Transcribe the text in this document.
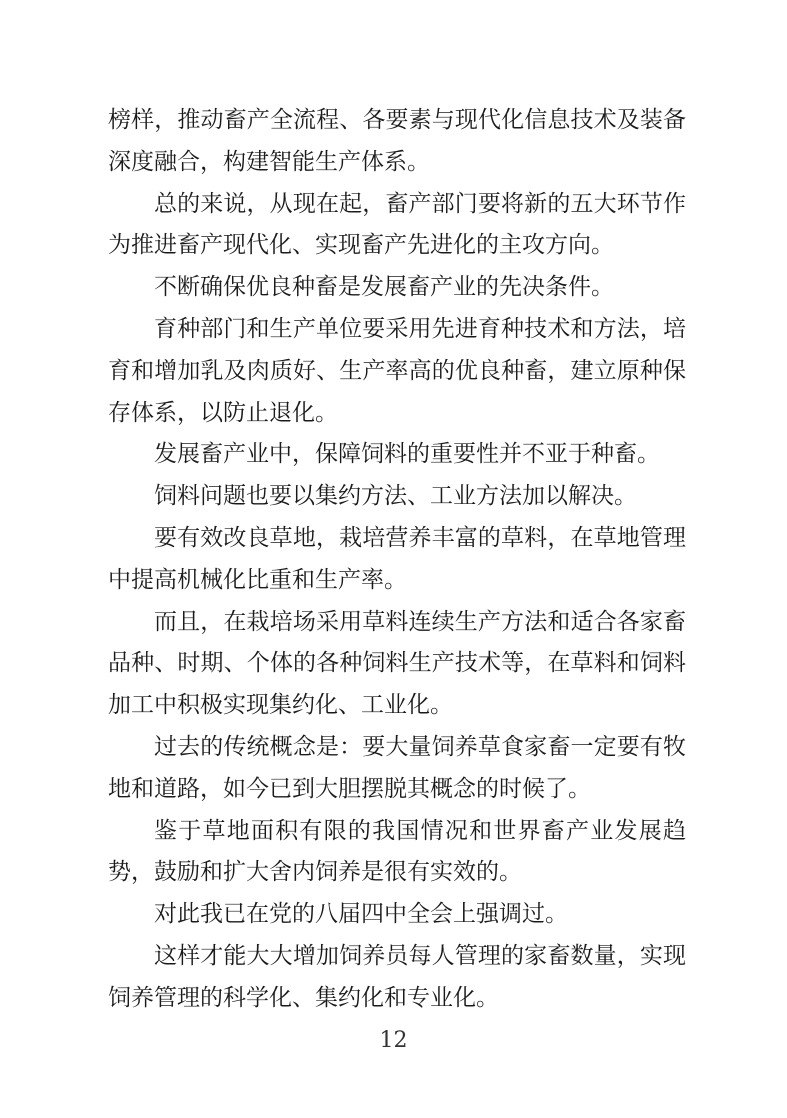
榜样，推动畜产全流程、各要素与现代化信息技术及装备深度融合，构建智能生产体系。

总的来说，从现在起，畜产部门要将新的五大环节作为推进畜产现代化、实现畜产先进化的主攻方向。

不断确保优良种畜是发展畜产业的先决条件。

育种部门和生产单位要采用先进育种技术和方法，培育和增加乳及肉质好、生产率高的优良种畜，建立原种保存体系，以防止退化。

发展畜产业中，保障饲料的重要性并不亚于种畜。

饲料问题也要以集约方法、工业方法加以解决。

要有效改良草地，栽培营养丰富的草料，在草地管理中提高机械化比重和生产率。

而且，在栽培场采用草料连续生产方法和适合各家畜品种、时期、个体的各种饲料生产技术等，在草料和饲料加工中积极实现集约化、工业化。

过去的传统概念是：要大量饲养草食家畜一定要有牧地和道路，如今已到大胆摆脱其概念的时候了。

鉴于草地面积有限的我国情况和世界畜产业发展趋势，鼓励和扩大舍内饲养是很有实效的。

对此我已在党的八届四中全会上强调过。

这样才能大大增加饲养员每人管理的家畜数量，实现饲养管理的科学化、集约化和专业化。

12
